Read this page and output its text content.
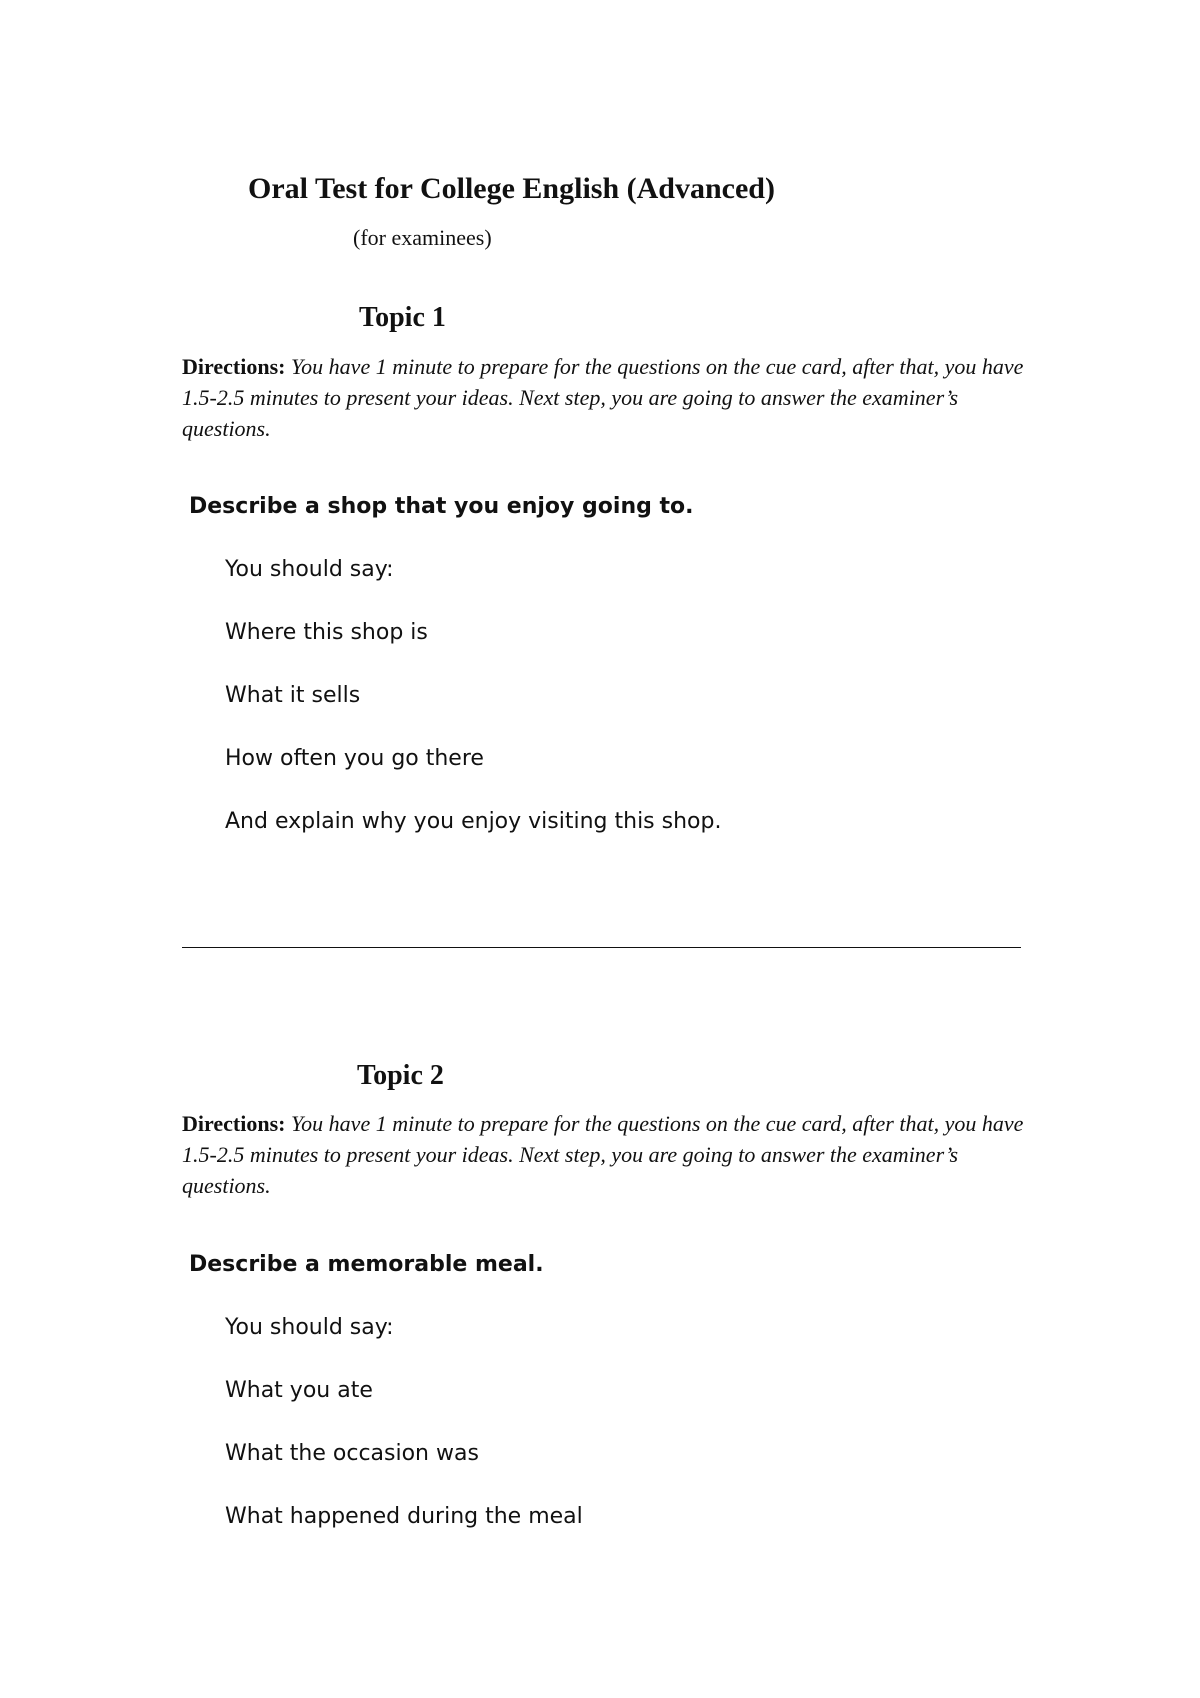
Oral Test for College English (Advanced)
(for examinees)
Topic 1
Directions: You have 1 minute to prepare for the questions on the cue card, after that, you have 1.5-2.5 minutes to present your ideas. Next step, you are going to answer the examiner’s questions.
Describe a shop that you enjoy going to.
You should say:
Where this shop is
What it sells
How often you go there
And explain why you enjoy visiting this shop.
Topic 2
Directions: You have 1 minute to prepare for the questions on the cue card, after that, you have 1.5-2.5 minutes to present your ideas. Next step, you are going to answer the examiner’s questions.
Describe a memorable meal.
You should say:
What you ate
What the occasion was
What happened during the meal
